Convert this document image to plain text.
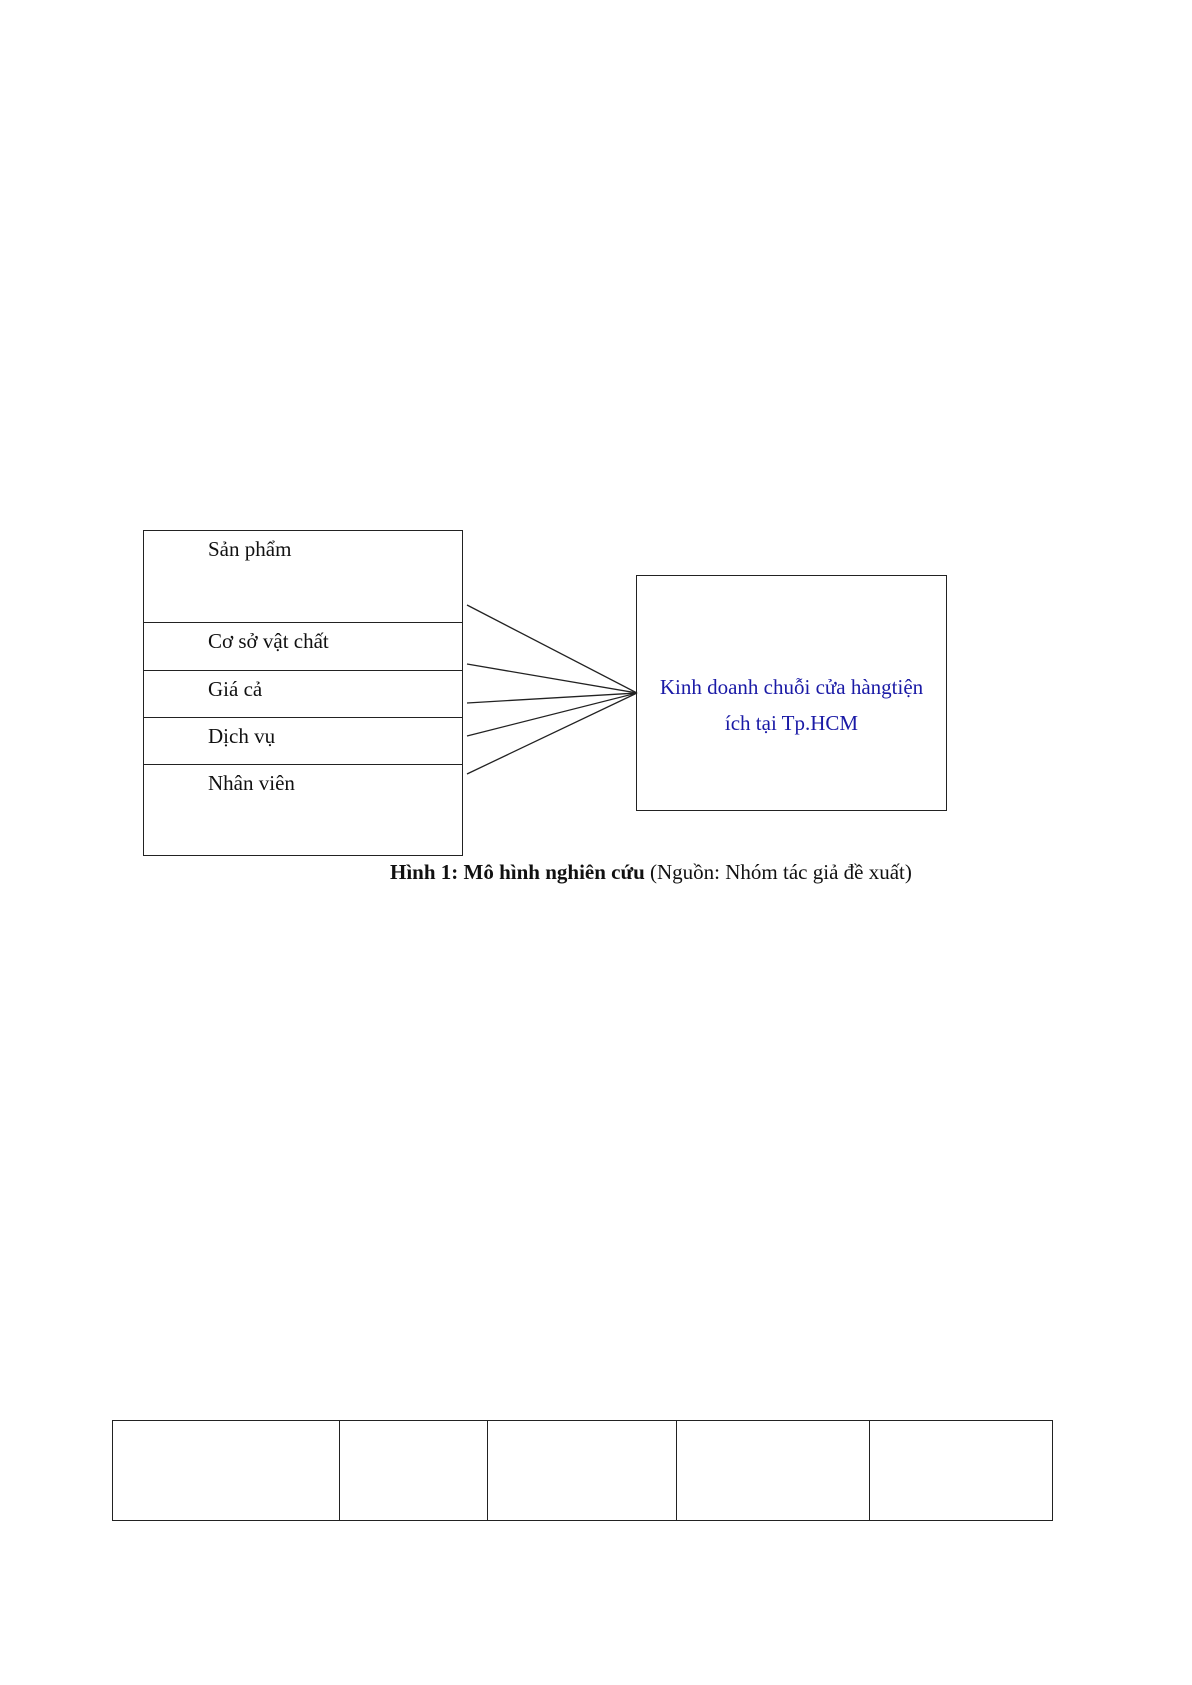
Sản phẩm
Cơ sở vật chất
Giá cả
Dịch vụ
Nhân viên
Kinh doanh chuỗi cửa hàngtiện
ích tại Tp.HCM
Hình 1: Mô hình nghiên cứu (Nguồn: Nhóm tác giả đề xuất)
